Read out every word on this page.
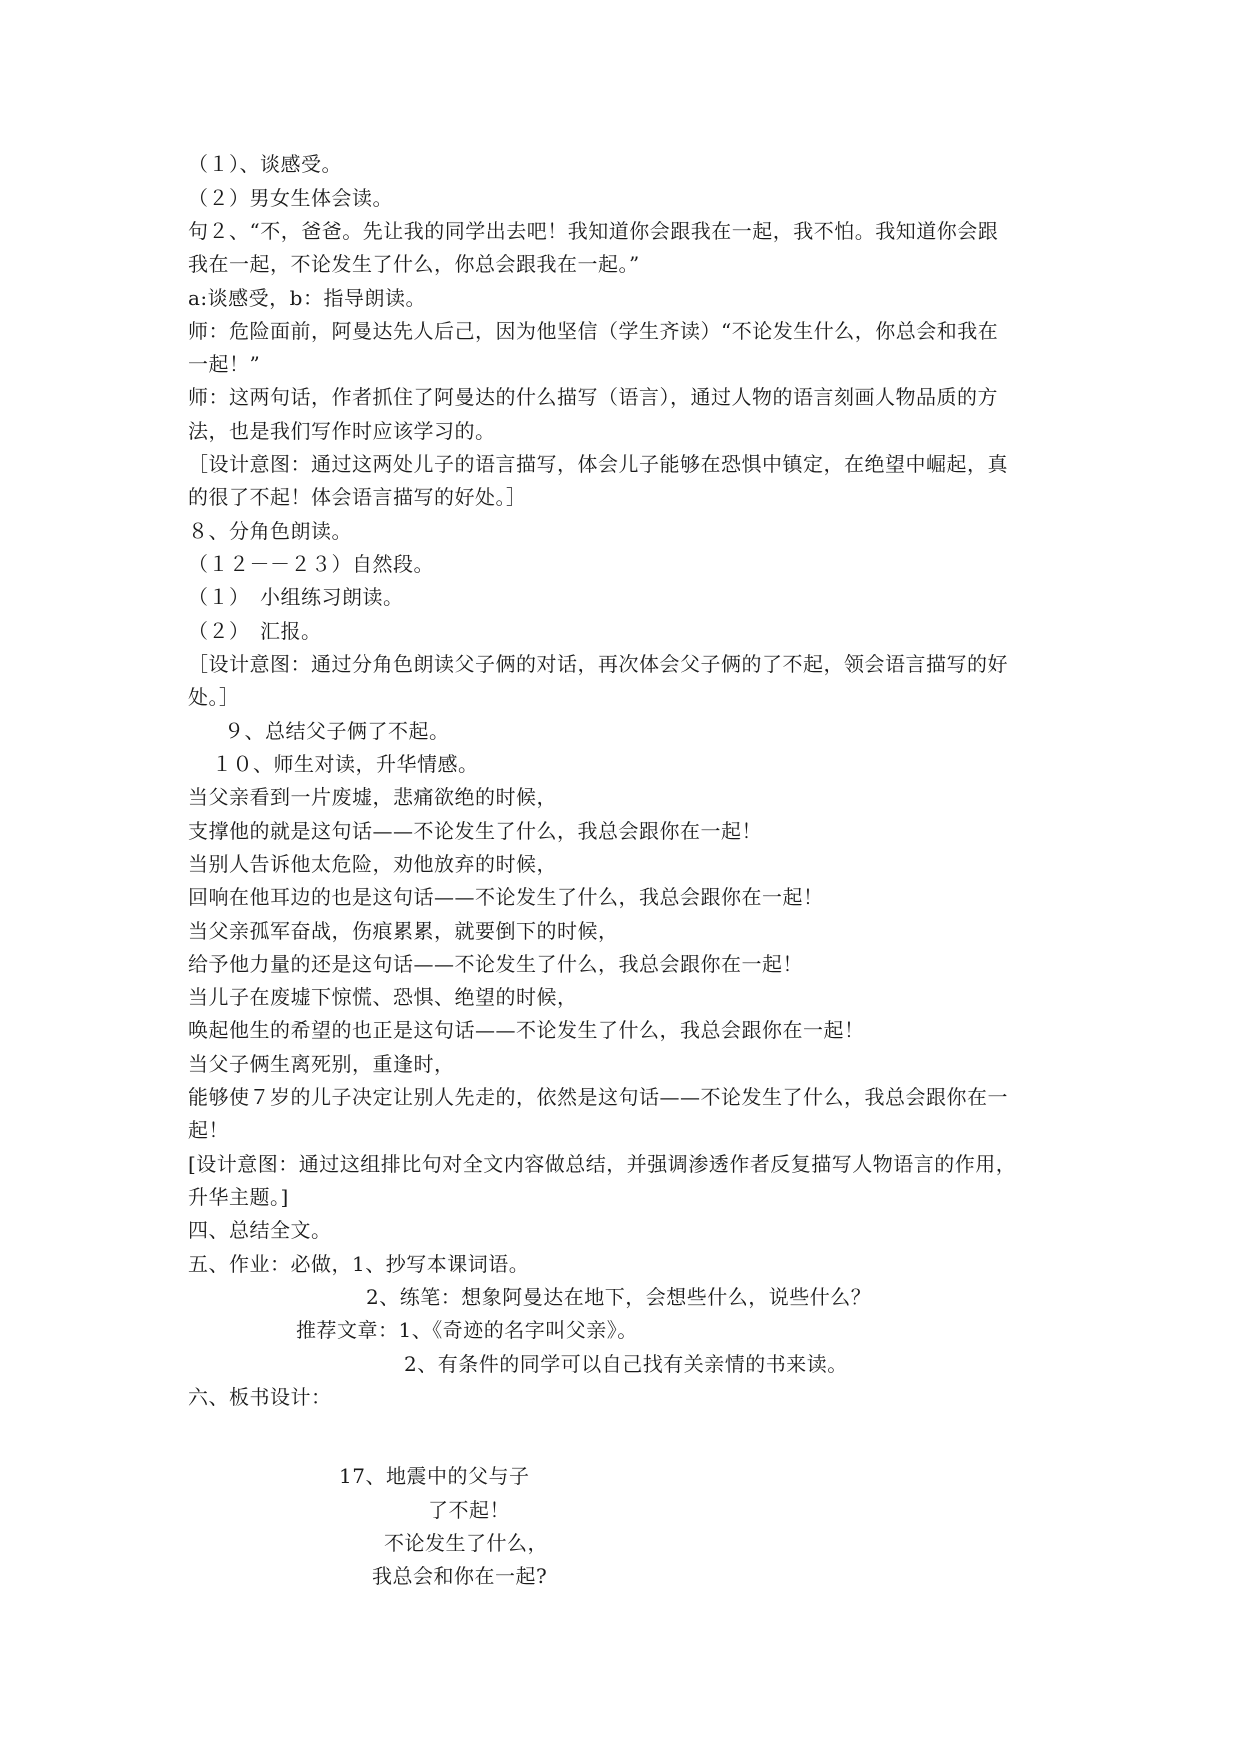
（１）、谈感受。
（２）男女生体会读。
句２、“不，爸爸。先让我的同学出去吧！我知道你会跟我在一起，我不怕。我知道你会跟
我在一起，不论发生了什么，你总会跟我在一起。”
a:谈感受，b：指导朗读。
师：危险面前，阿曼达先人后己，因为他坚信（学生齐读）“不论发生什么，你总会和我在
一起！”
师：这两句话，作者抓住了阿曼达的什么描写（语言），通过人物的语言刻画人物品质的方
法，也是我们写作时应该学习的。
［设计意图：通过这两处儿子的语言描写，体会儿子能够在恐惧中镇定，在绝望中崛起，真
的很了不起！体会语言描写的好处。］
８、分角色朗读。
（１２－－２３）自然段。
（１）　小组练习朗读。
（２）　汇报。
［设计意图：通过分角色朗读父子俩的对话，再次体会父子俩的了不起，领会语言描写的好
处。］
９、总结父子俩了不起。
１０、师生对读，升华情感。
当父亲看到一片废墟，悲痛欲绝的时候，
支撑他的就是这句话——不论发生了什么，我总会跟你在一起！
当别人告诉他太危险，劝他放弃的时候，
回响在他耳边的也是这句话——不论发生了什么，我总会跟你在一起！
当父亲孤军奋战，伤痕累累，就要倒下的时候，
给予他力量的还是这句话——不论发生了什么，我总会跟你在一起！
当儿子在废墟下惊慌、恐惧、绝望的时候，
唤起他生的希望的也正是这句话——不论发生了什么，我总会跟你在一起！
当父子俩生离死别，重逢时，
能够使７岁的儿子决定让别人先走的，依然是这句话——不论发生了什么，我总会跟你在一
起！
[设计意图：通过这组排比句对全文内容做总结，并强调渗透作者反复描写人物语言的作用，
升华主题。]
四、总结全文。
五、作业：必做，1、抄写本课词语。
2、练笔：想象阿曼达在地下，会想些什么，说些什么？
推荐文章：1、《奇迹的名字叫父亲》。
2、有条件的同学可以自己找有关亲情的书来读。
六、板书设计：
17、地震中的父与子
了不起！
不论发生了什么，
我总会和你在一起?
